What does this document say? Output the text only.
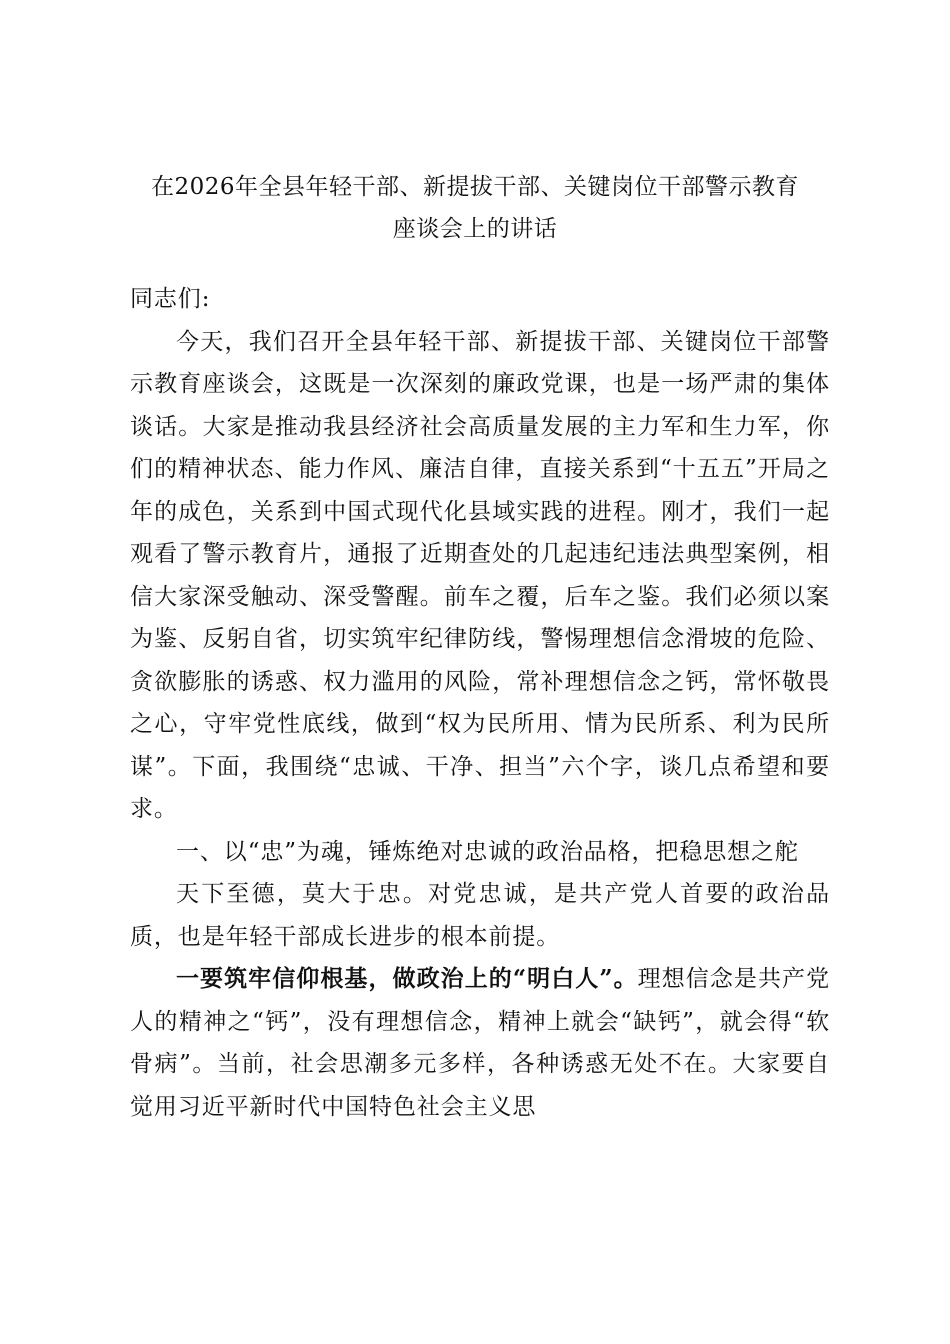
在2026年全县年轻干部、新提拔干部、关键岗位干部警示教育
座谈会上的讲话

同志们:

今天，我们召开全县年轻干部、新提拔干部、关键岗位干部警示教育座谈会，这既是一次深刻的廉政党课，也是一场严肃的集体谈话。大家是推动我县经济社会高质量发展的主力军和生力军，你们的精神状态、能力作风、廉洁自律，直接关系到“十五五”开局之年的成色，关系到中国式现代化县域实践的进程。刚才，我们一起观看了警示教育片，通报了近期查处的几起违纪违法典型案例，相信大家深受触动、深受警醒。前车之覆，后车之鉴。我们必须以案为鉴、反躬自省，切实筑牢纪律防线，警惕理想信念滑坡的危险、贪欲膨胀的诱惑、权力滥用的风险，常补理想信念之钙，常怀敬畏之心，守牢党性底线，做到“权为民所用、情为民所系、利为民所谋”。下面，我围绕“忠诚、干净、担当”六个字，谈几点希望和要求。

一、以“忠”为魂，锤炼绝对忠诚的政治品格，把稳思想之舵

天下至德，莫大于忠。对党忠诚，是共产党人首要的政治品质，也是年轻干部成长进步的根本前提。

一要筑牢信仰根基，做政治上的“明白人”。理想信念是共产党人的精神之“钙”，没有理想信念，精神上就会“缺钙”，就会得“软骨病”。当前，社会思潮多元多样，各种诱惑无处不在。大家要自觉用习近平新时代中国特色社会主义思
